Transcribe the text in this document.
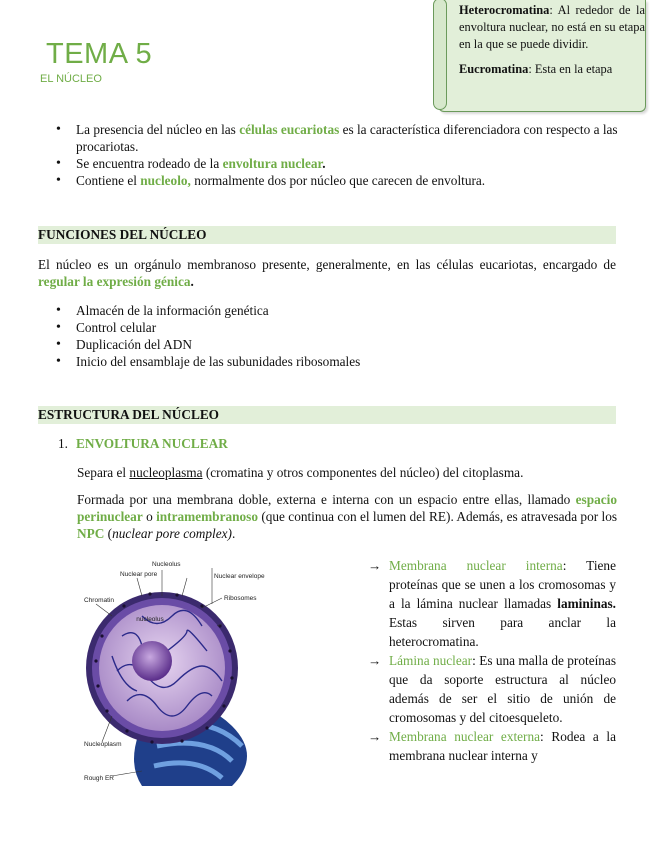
TEMA 5
EL NÚCLEO
Heterocromatina: Al rededor de la envoltura nuclear, no está en su etapa en la que se puede dividir.
Eucromatina: Esta en la etapa
• La presencia del núcleo en las células eucariotas es la característica diferenciadora con respecto a las procariotas.
• Se encuentra rodeado de la envoltura nuclear.
• Contiene el nucleolo, normalmente dos por núcleo que carecen de envoltura.
FUNCIONES DEL NÚCLEO
El núcleo es un orgánulo membranoso presente, generalmente, en las células eucariotas, encargado de regular la expresión génica.
• Almacén de la información genética
• Control celular
• Duplicación del ADN
• Inicio del ensamblaje de las subunidades ribosomales
ESTRUCTURA DEL NÚCLEO
1. ENVOLTURA NUCLEAR
Separa el nucleoplasma (cromatina y otros componentes del núcleo) del citoplasma.
Formada por una membrana doble, externa e interna con un espacio entre ellas, llamado espacio perinuclear o intramembranoso (que continua con el lumen del RE). Además, es atravesada por los NPC (nuclear pore complex).
nucleolus
Nucleolus
Nuclear pore	Nuclear envelope
Chromatin	Ribosomes
Nucleoplasm
Rough ER
→ Membrana nuclear interna: Tiene proteínas que se unen a los cromosomas y a la lámina nuclear llamadas lamininas. Estas sirven para anclar la heterocromatina.
→ Lámina nuclear: Es una malla de proteínas que da soporte estructura al núcleo además de ser el sitio de unión de cromosomas y del citoesqueleto.
→ Membrana nuclear externa: Rodea a la membrana nuclear interna y
